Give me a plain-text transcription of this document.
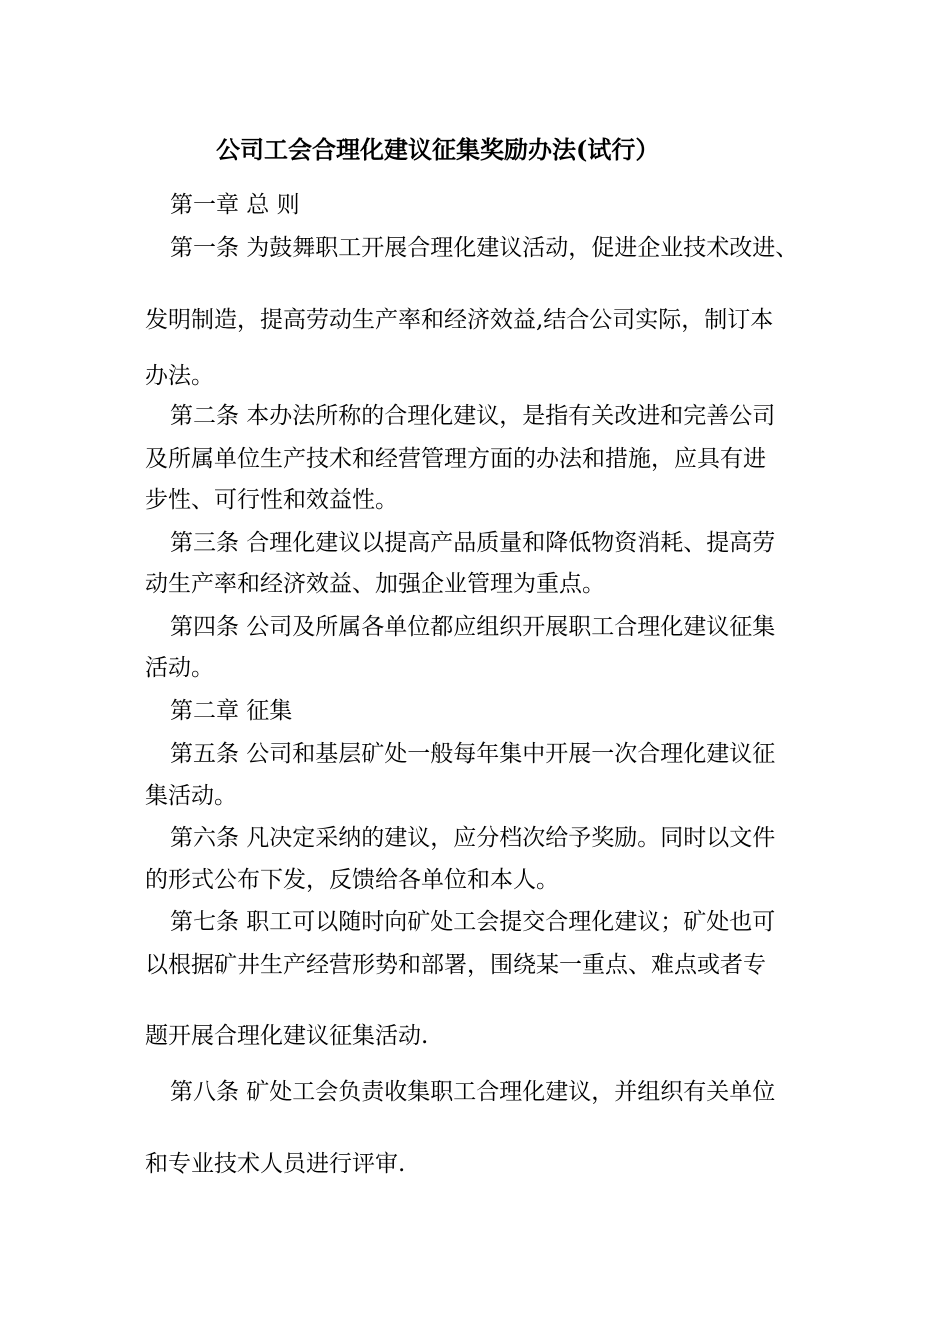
公司工会合理化建议征集奖励办法(试行）

第一章 总 则

第一条 为鼓舞职工开展合理化建议活动，促进企业技术改进、

发明制造，提高劳动生产率和经济效益,结合公司实际，制订本

办法。

第二条 本办法所称的合理化建议，是指有关改进和完善公司

及所属单位生产技术和经营管理方面的办法和措施，应具有进

步性、可行性和效益性。

第三条 合理化建议以提高产品质量和降低物资消耗、提高劳

动生产率和经济效益、加强企业管理为重点。

第四条 公司及所属各单位都应组织开展职工合理化建议征集

活动。

第二章 征集

第五条 公司和基层矿处一般每年集中开展一次合理化建议征

集活动。

第六条 凡决定采纳的建议，应分档次给予奖励。同时以文件

的形式公布下发，反馈给各单位和本人。

第七条 职工可以随时向矿处工会提交合理化建议；矿处也可

以根据矿井生产经营形势和部署，围绕某一重点、难点或者专

题开展合理化建议征集活动.

第八条 矿处工会负责收集职工合理化建议，并组织有关单位

和专业技术人员进行评审.
